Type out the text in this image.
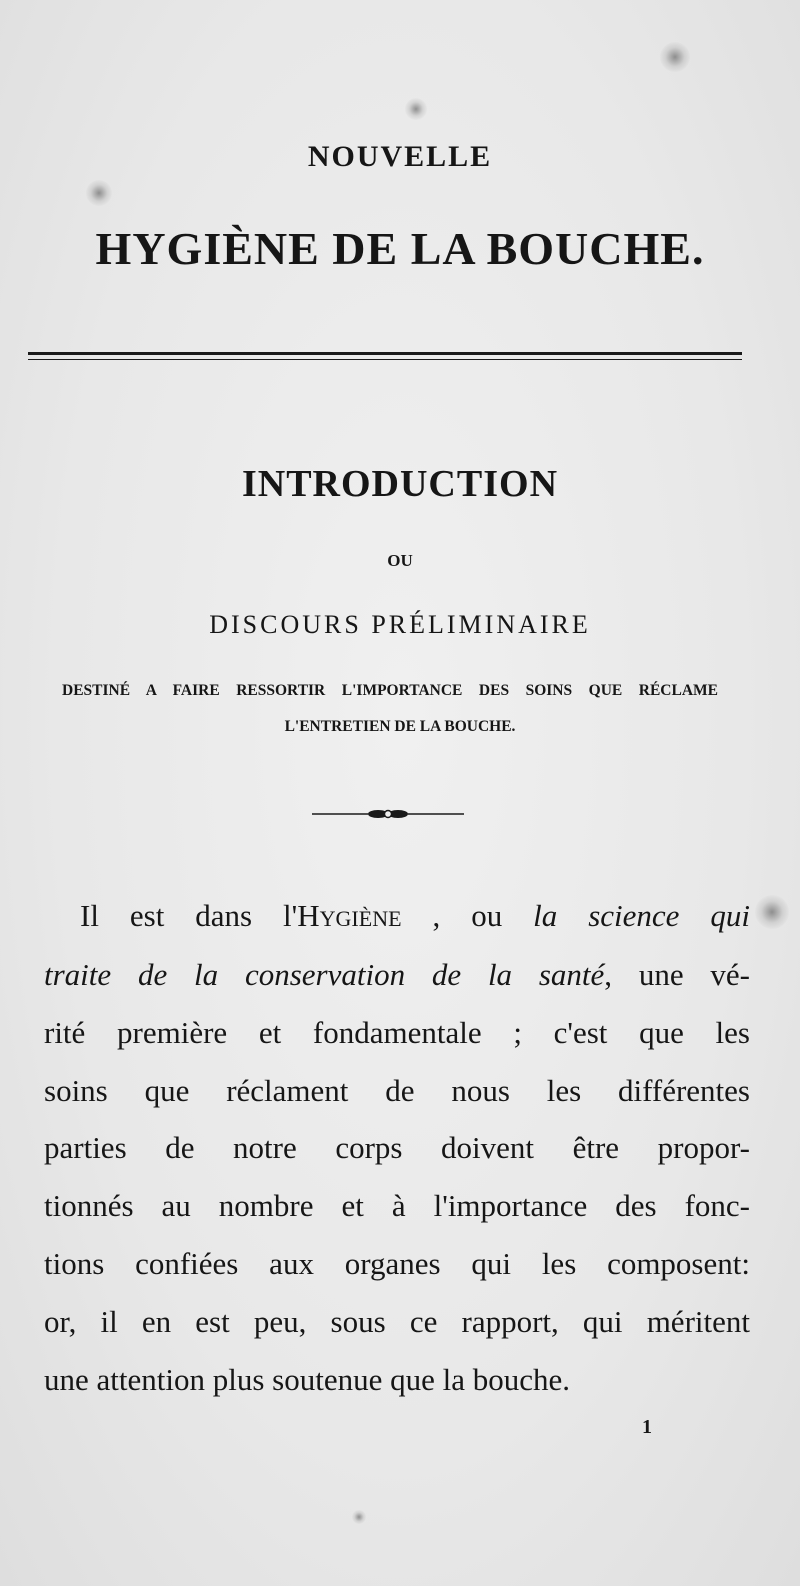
NOUVELLE
HYGIÈNE DE LA BOUCHE.
INTRODUCTION
OU
DISCOURS PRÉLIMINAIRE
DESTINÉ A FAIRE RESSORTIR L'IMPORTANCE DES SOINS QUE RÉCLAME
L'ENTRETIEN DE LA BOUCHE.
Il est dans l'Hygiène , ou la science qui
traite de la conservation de la santé, une vé-
rité première et fondamentale ; c'est que les
soins que réclament de nous les différentes
parties de notre corps doivent être propor-
tionnés au nombre et à l'importance des fonc-
tions confiées aux organes qui les composent:
or, il en est peu, sous ce rapport, qui méritent
une attention plus soutenue que la bouche.
1
